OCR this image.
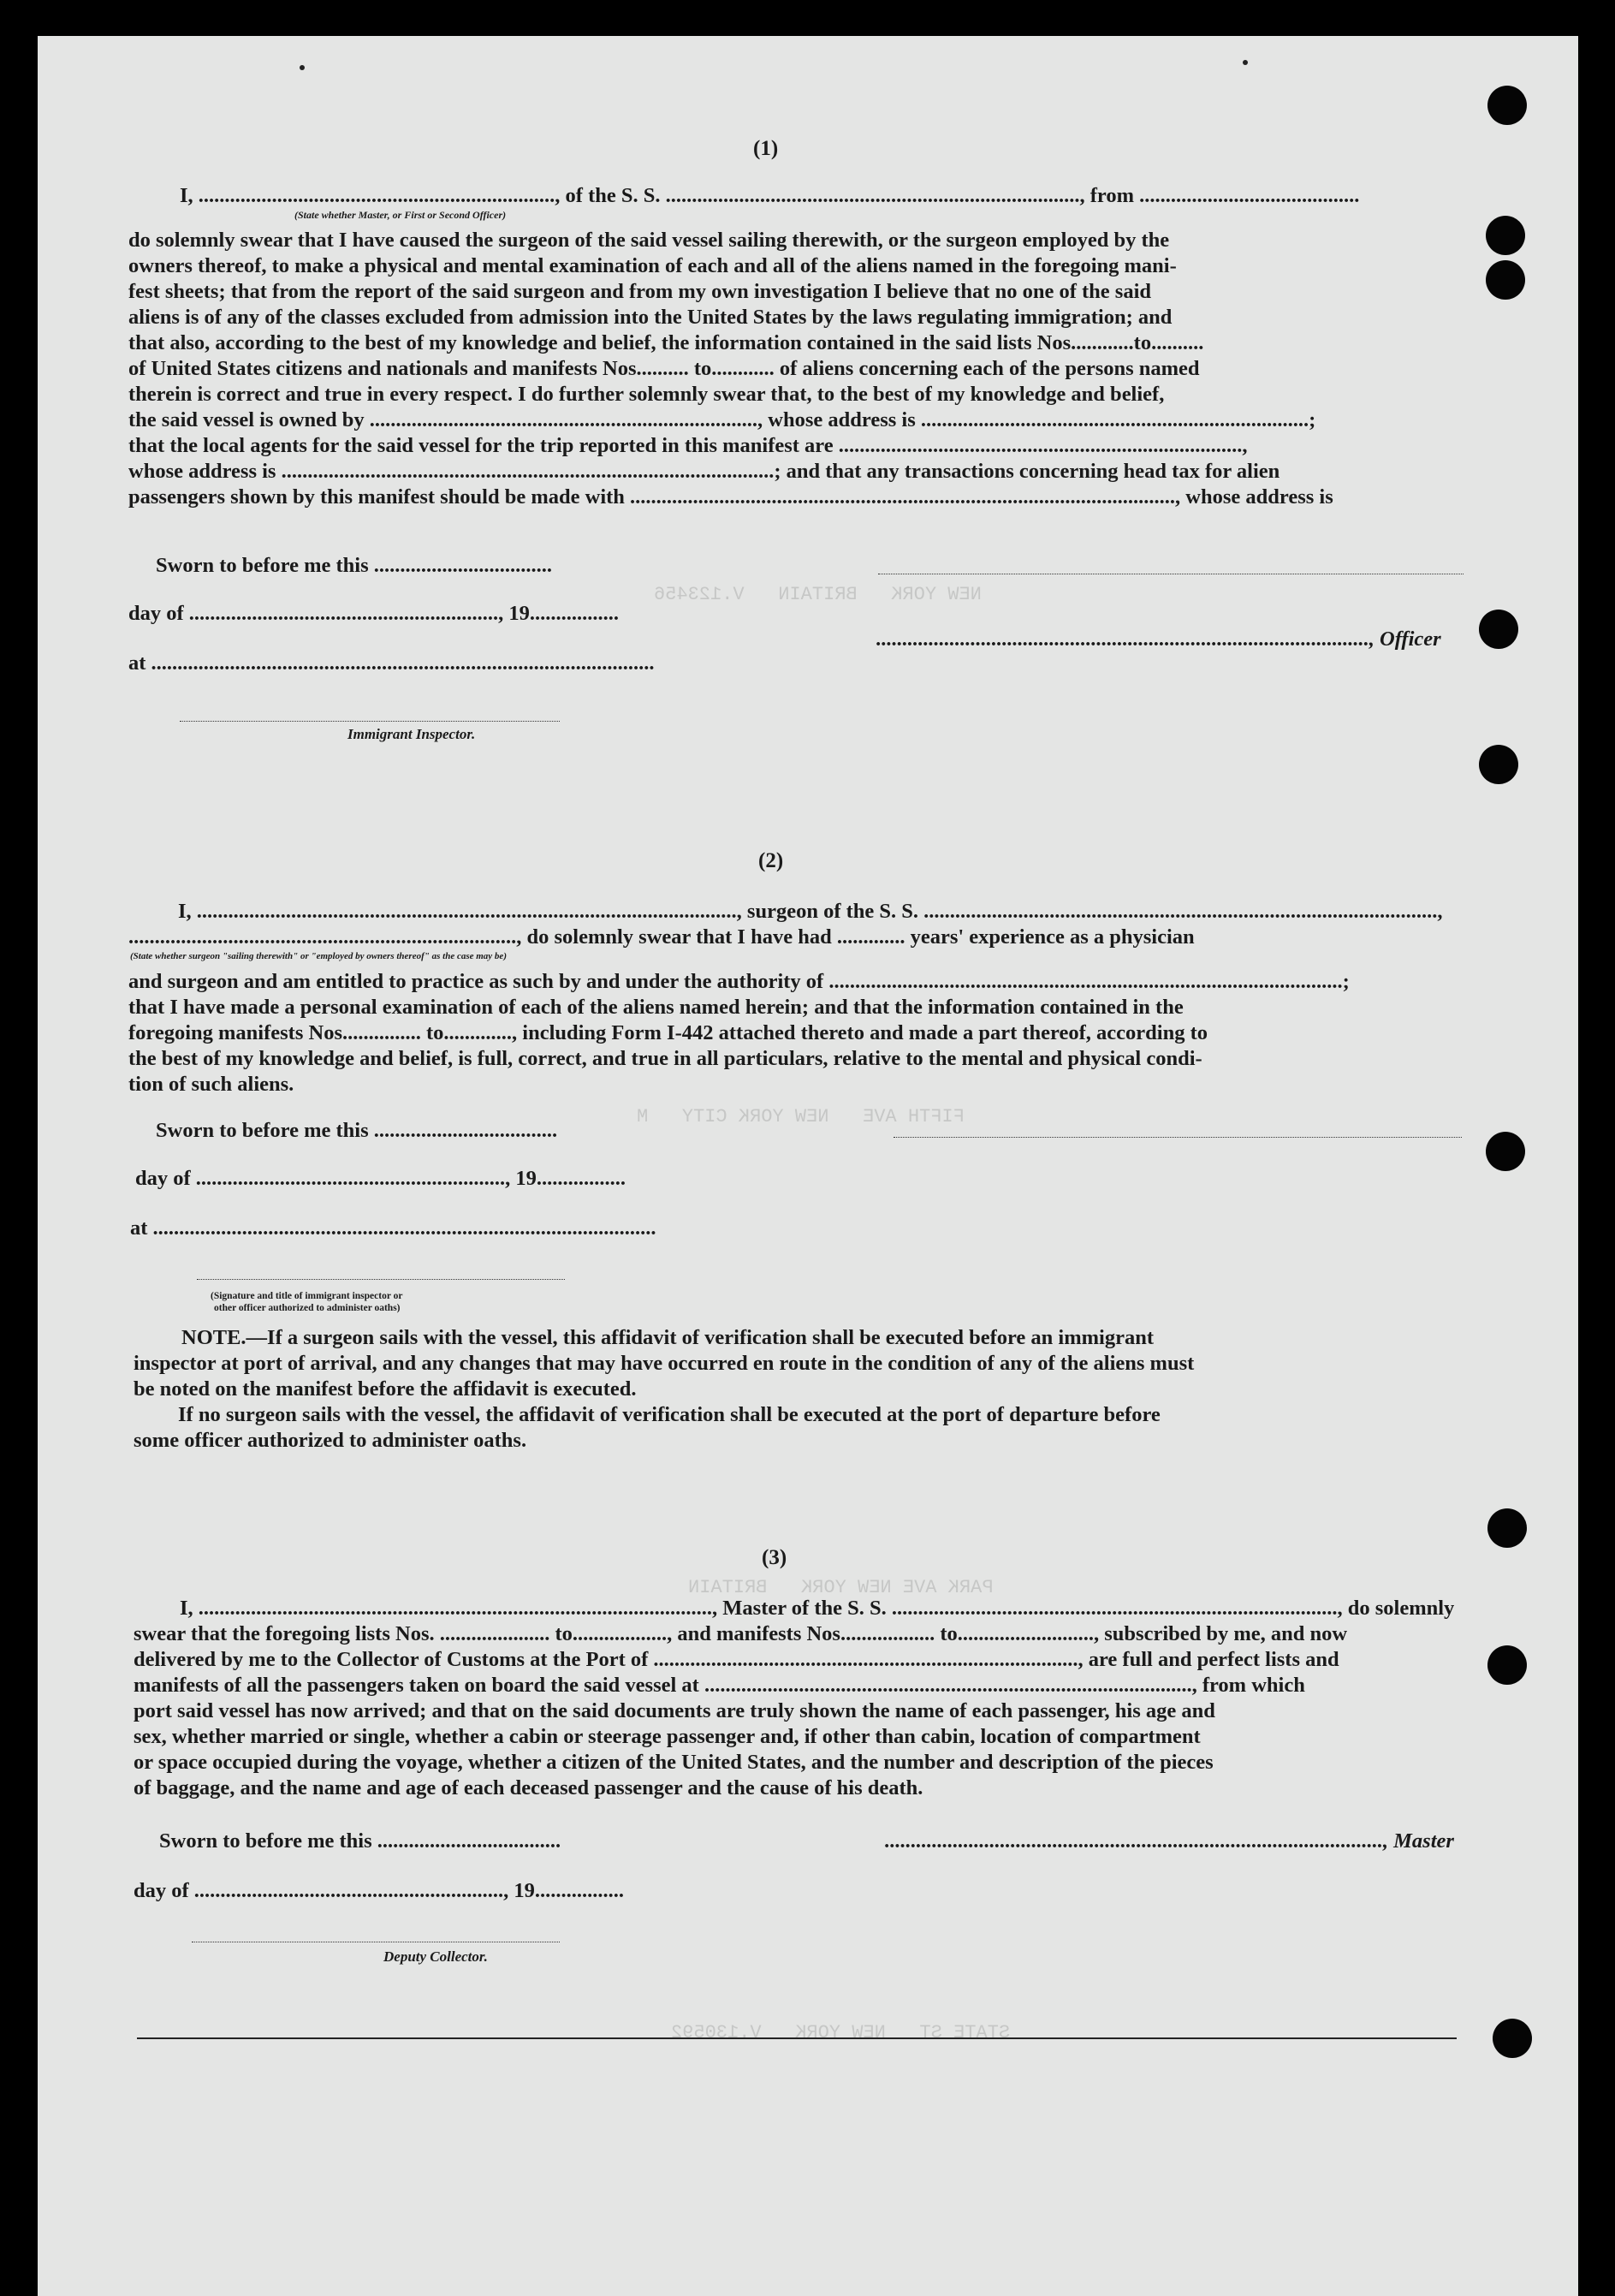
NEW YORK   BRITAIN   V.123456
FIFTH AVE   NEW YORK CITY   M
PARK AVE NEW YORK   BRITAIN
STATE ST   NEW YORK   V.130592
(1)
I, ...................................................................., of the S. S. ..............................................................................., from ..........................................
(State whether Master, or First or Second Officer)
do solemnly swear that I have caused the surgeon of the said vessel sailing therewith, or the surgeon employed by the
owners thereof, to make a physical and mental examination of each and all of the aliens named in the foregoing mani-
fest sheets; that from the report of the said surgeon and from my own investigation I believe that no one of the said
aliens is of any of the classes excluded from admission into the United States by the laws regulating immigration; and
that also, according to the best of my knowledge and belief, the information contained in the said lists Nos............to..........
of United States citizens and nationals and manifests Nos.......... to............ of aliens concerning each of the persons named
therein is correct and true in every respect. I do further solemnly swear that, to the best of my knowledge and belief,
the said vessel is owned by .........................................................................., whose address is ..........................................................................;
that the local agents for the said vessel for the trip reported in this manifest are .............................................................................,
whose address is ..............................................................................................; and that any transactions concerning head tax for alien
passengers shown by this manifest should be made with ........................................................................................................, whose address is
Sworn to before me this ..................................
day of ..........................................................., 19.................
at ................................................................................................
.............................................................................................., Officer
Immigrant Inspector.
(2)
I, ......................................................................................................., surgeon of the S. S. ..................................................................................................,
.........................................................................., do solemnly swear that I have had ............. years' experience as a physician
(State whether surgeon "sailing therewith" or "employed by owners thereof" as the case may be)
and surgeon and am entitled to practice as such by and under the authority of ..................................................................................................;
that I have made a personal examination of each of the aliens named herein; and that the information contained in the
foregoing manifests Nos............... to............., including Form I-442 attached thereto and made a part thereof, according to
the best of my knowledge and belief, is full, correct, and true in all particulars, relative to the mental and physical condi-
tion of such aliens.
Sworn to before me this ...................................
day of ..........................................................., 19.................
at ................................................................................................
(Signature and title of immigrant inspector or
other officer authorized to administer oaths)
NOTE.—If a surgeon sails with the vessel, this affidavit of verification shall be executed before an immigrant
inspector at port of arrival, and any changes that may have occurred en route in the condition of any of the aliens must
be noted on the manifest before the affidavit is executed.
If no surgeon sails with the vessel, the affidavit of verification shall be executed at the port of departure before
some officer authorized to administer oaths.
(3)
I, .................................................................................................., Master of the S. S. ....................................................................................., do solemnly
swear that the foregoing lists Nos. ..................... to.................., and manifests Nos.................. to.........................., subscribed by me, and now
delivered by me to the Collector of Customs at the Port of ................................................................................., are full and perfect lists and
manifests of all the passengers taken on board the said vessel at ............................................................................................., from which
port said vessel has now arrived; and that on the said documents are truly shown the name of each passenger, his age and
sex, whether married or single, whether a cabin or steerage passenger and, if other than cabin, location of compartment
or space occupied during the voyage, whether a citizen of the United States, and the number and description of the pieces
of baggage, and the name and age of each deceased passenger and the cause of his death.
Sworn to before me this ...................................	..............................................................................................., Master
day of ..........................................................., 19.................
Deputy Collector.
